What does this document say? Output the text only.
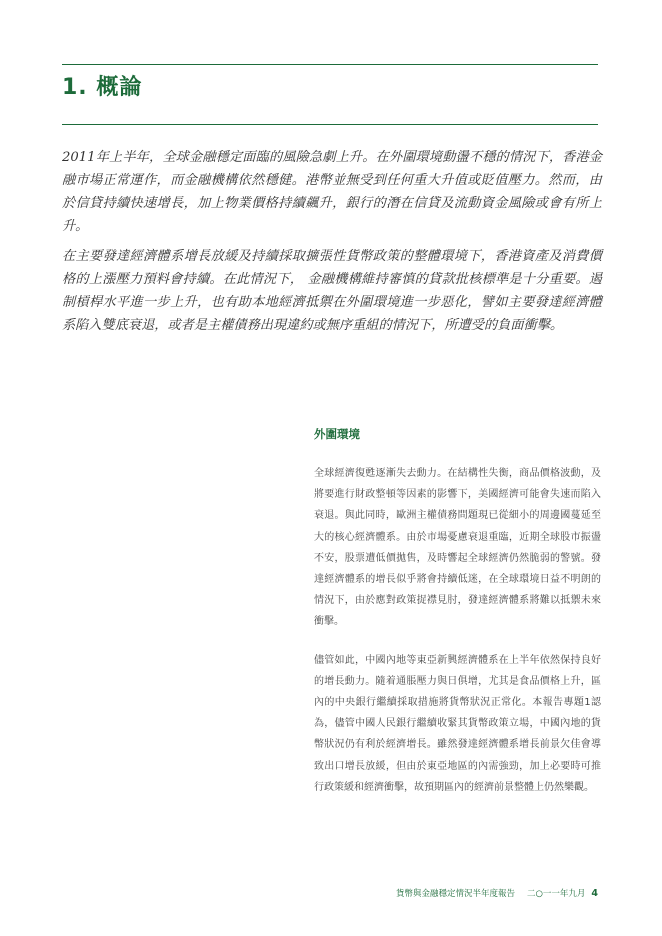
1. 概論

2011年上半年，全球金融穩定面臨的風險急劇上升。在外圍環境動盪不穩的情況下，香港金融市場正常運作，而金融機構依然穩健。港幣並無受到任何重大升值或貶值壓力。然而，由於信貸持續快速增長，加上物業價格持續飆升，銀行的潛在信貸及流動資金風險或會有所上升。

在主要發達經濟體系增長放緩及持續採取擴張性貨幣政策的整體環境下，香港資產及消費價格的上漲壓力預料會持續。在此情況下， 金融機構維持審慎的貸款批核標準是十分重要。遏制槓桿水平進一步上升，也有助本地經濟抵禦在外圍環境進一步惡化，譬如主要發達經濟體系陷入雙底衰退，或者是主權債務出現違約或無序重組的情況下，所遭受的負面衝擊。

外圍環境

全球經濟復甦逐漸失去動力。在結構性失衡，商品價格波動，及將要進行財政整頓等因素的影響下，美國經濟可能會失速而陷入衰退。與此同時，歐洲主權債務問題現已從細小的周邊國蔓延至大的核心經濟體系。由於市場憂慮衰退重臨，近期全球股市振盪不安，股票遭低價拋售，及時響起全球經濟仍然脆弱的警號。發達經濟體系的增長似乎將會持續低迷，在全球環境日益不明朗的情況下，由於應對政策捉襟見肘，發達經濟體系將難以抵禦未來衝擊。

儘管如此，中國內地等東亞新興經濟體系在上半年依然保持良好的增長動力。隨着通脹壓力與日俱增，尤其是食品價格上升，區內的中央銀行繼續採取措施將貨幣狀況正常化。本報告專題1認為，儘管中國人民銀行繼續收緊其貨幣政策立場，中國內地的貨幣狀況仍有利於經濟增長。雖然發達經濟體系增長前景欠佳會導致出口增長放緩，但由於東亞地區的內需強勁，加上必要時可推行政策緩和經濟衝擊，故預期區內的經濟前景整體上仍然樂觀。

貨幣與金融穩定情況半年度報告 二○一一年九月 4
